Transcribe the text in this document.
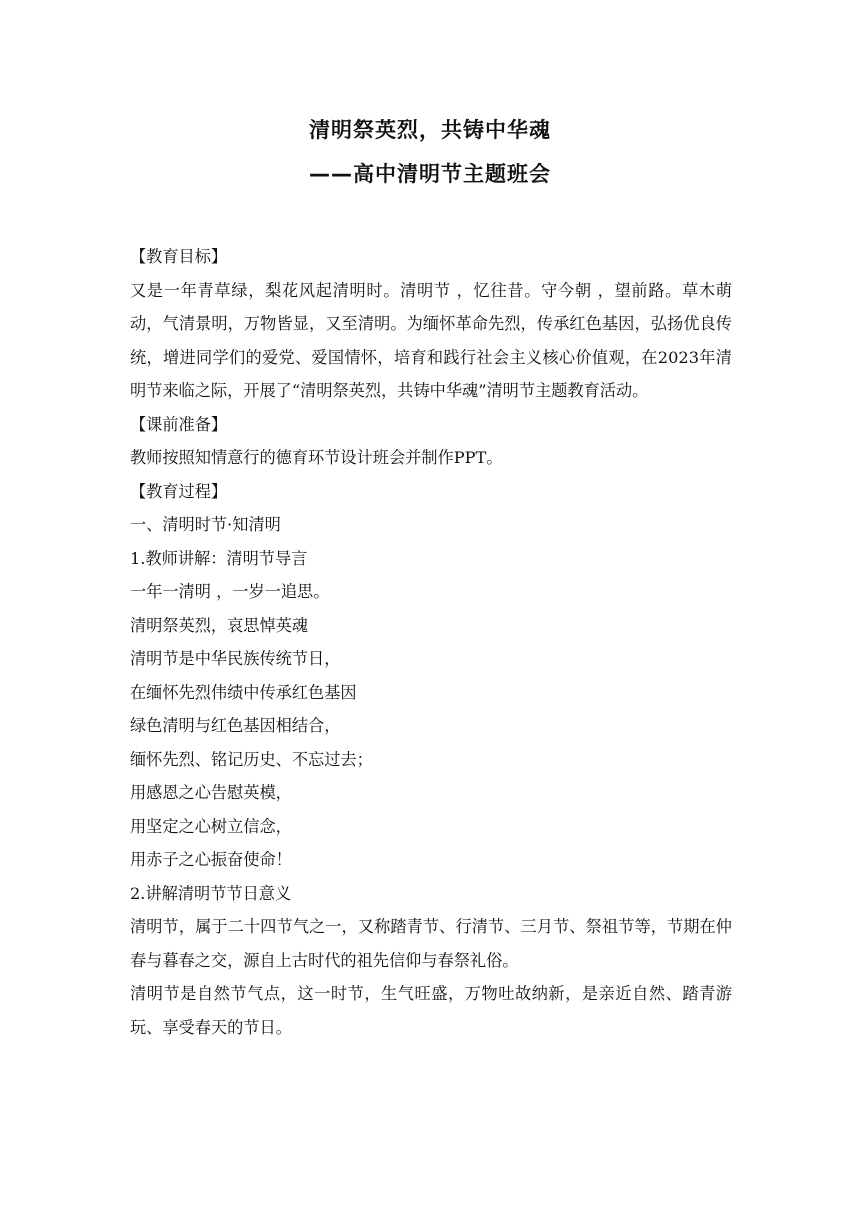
清明祭英烈，共铸中华魂
——高中清明节主题班会

【教育目标】

又是一年青草绿，梨花风起清明时。清明节 ，忆往昔。守今朝 ，望前路。草木萌动，气清景明，万物皆显，又至清明。为缅怀革命先烈，传承红色基因，弘扬优良传统，增进同学们的爱党、爱国情怀，培育和践行社会主义核心价值观，在2023年清明节来临之际，开展了“清明祭英烈，共铸中华魂”清明节主题教育活动。

【课前准备】

教师按照知情意行的德育环节设计班会并制作PPT。

【教育过程】

一、清明时节·知清明

1.教师讲解：清明节导言

一年一清明 ，一岁一追思。

清明祭英烈，哀思悼英魂

清明节是中华民族传统节日，

在缅怀先烈伟绩中传承红色基因

绿色清明与红色基因相结合，

缅怀先烈、铭记历史、不忘过去；

用感恩之心告慰英模，

用坚定之心树立信念，

用赤子之心振奋使命！

2.讲解清明节节日意义

清明节，属于二十四节气之一，又称踏青节、行清节、三月节、祭祖节等，节期在仲春与暮春之交，源自上古时代的祖先信仰与春祭礼俗。

清明节是自然节气点，这一时节，生气旺盛，万物吐故纳新，是亲近自然、踏青游玩、享受春天的节日。
